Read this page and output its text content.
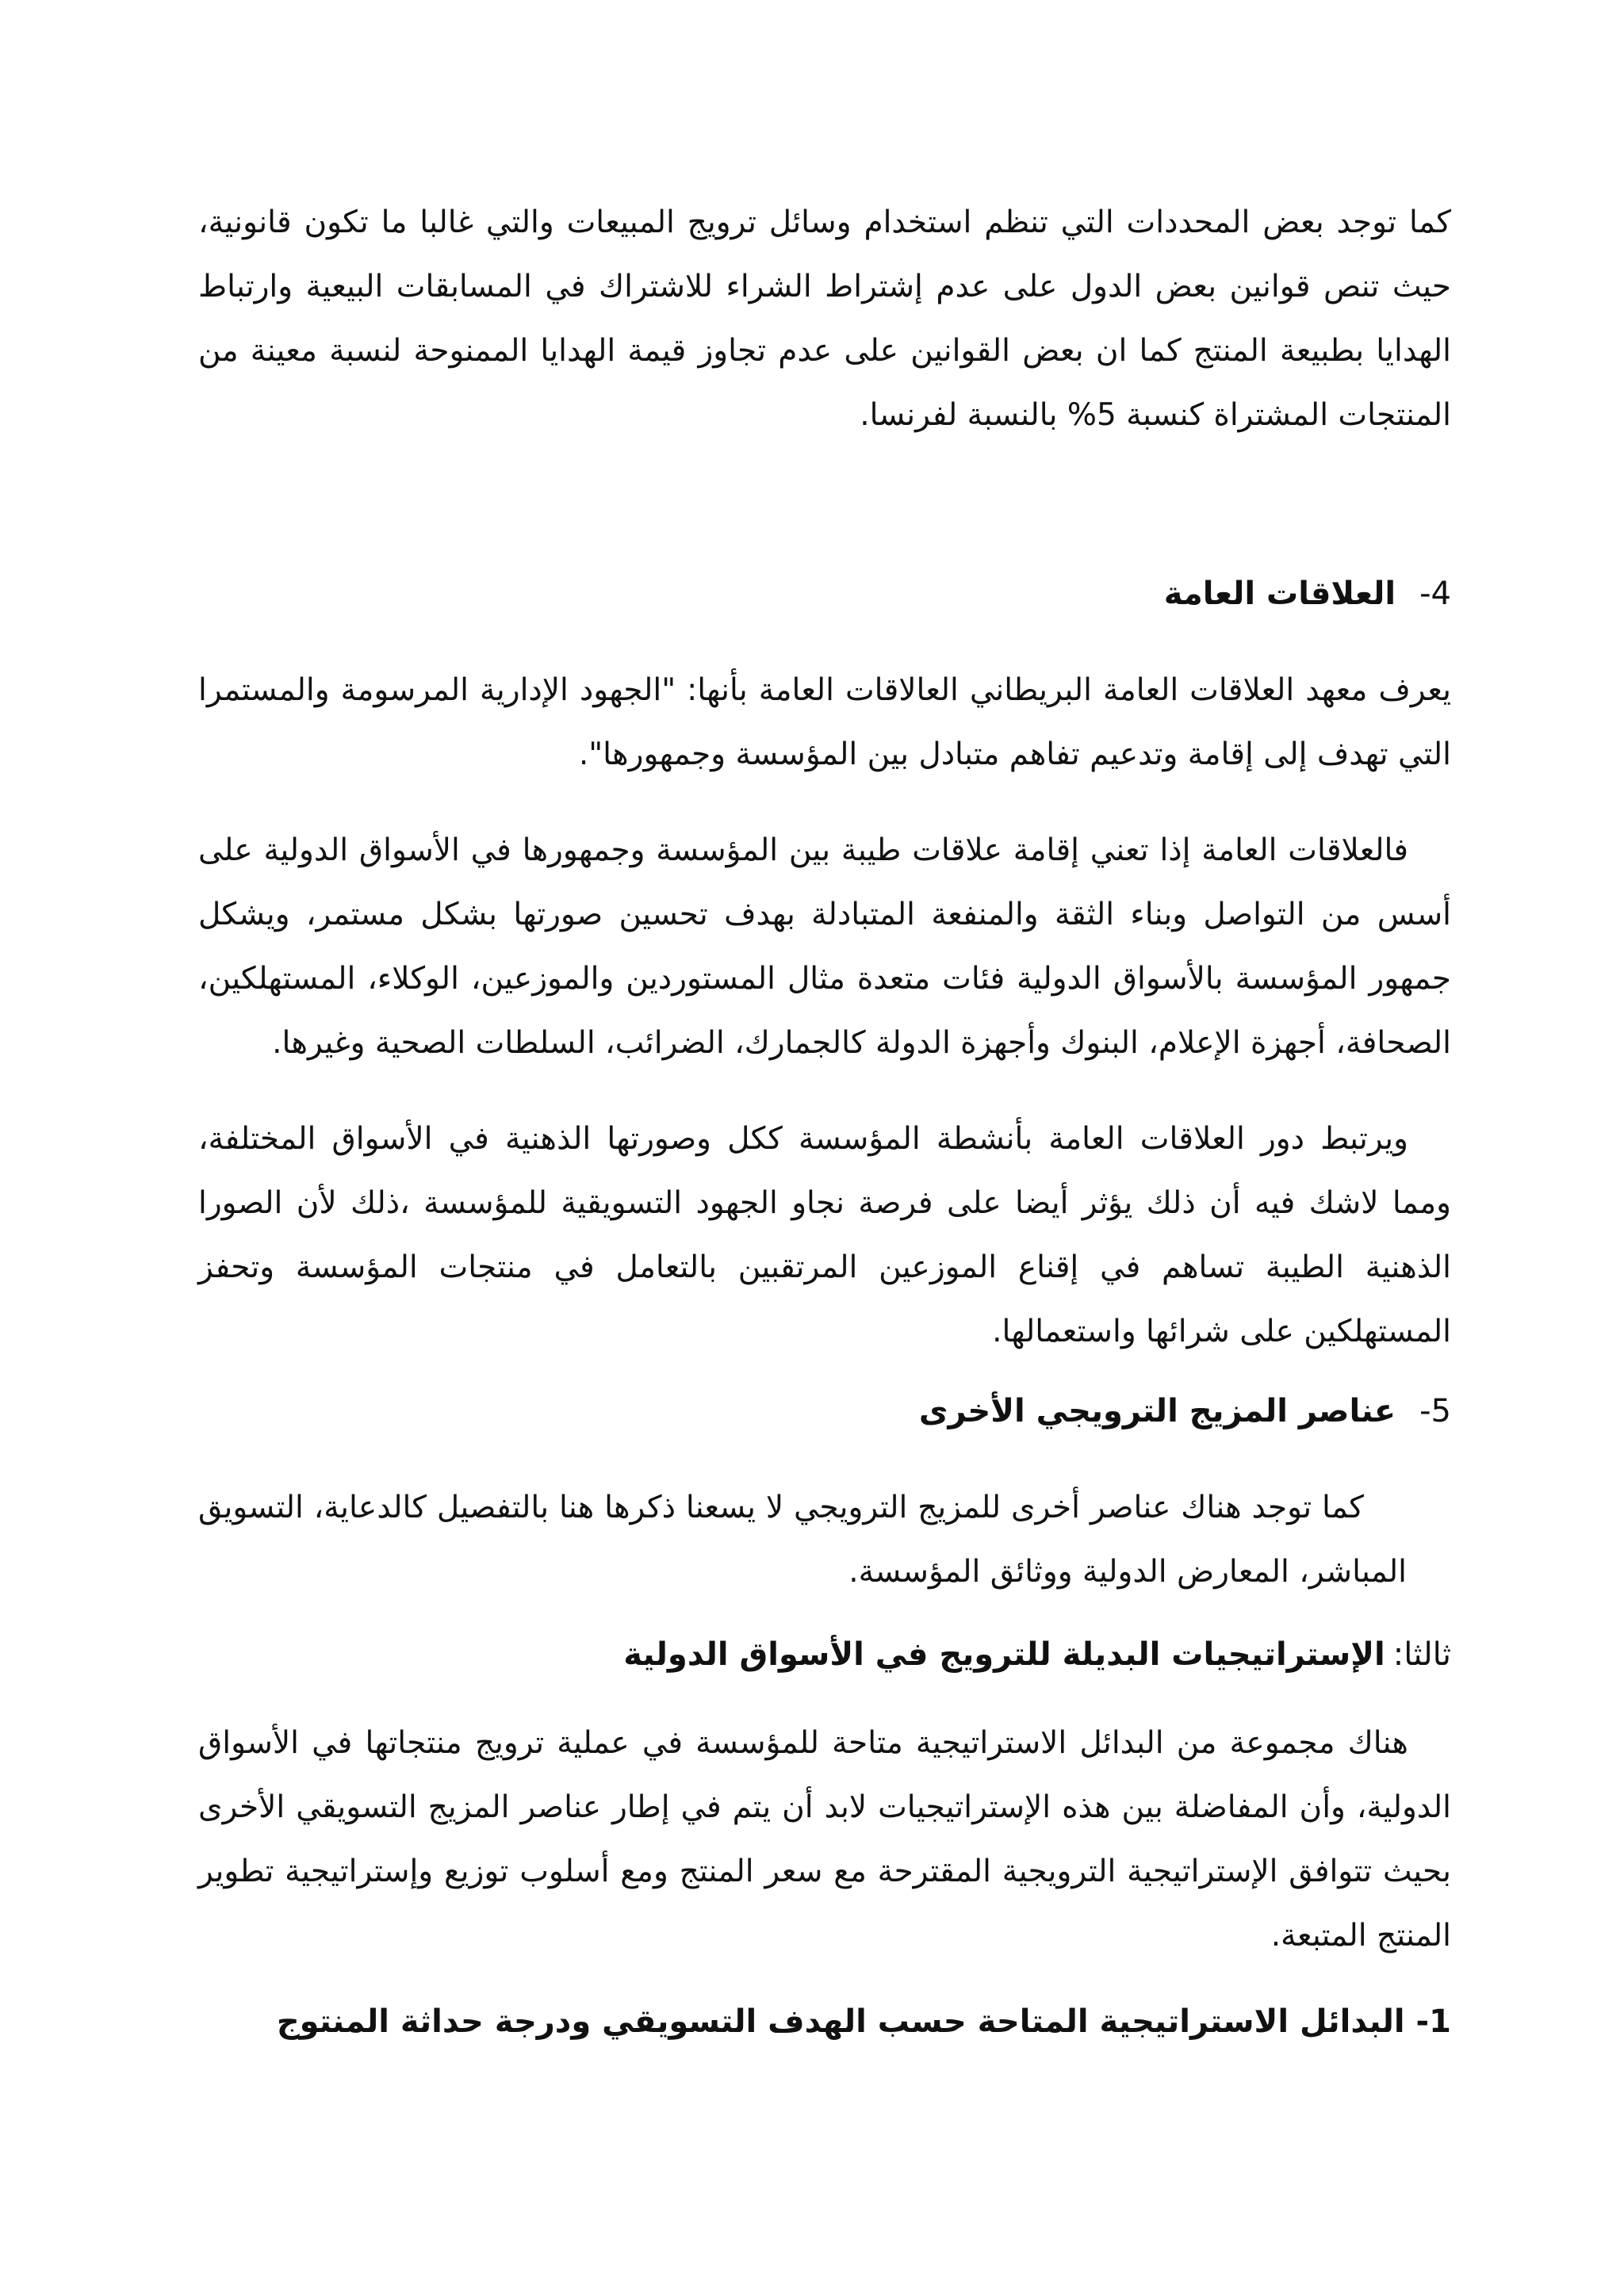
كما توجد بعض المحددات التي تنظم استخدام وسائل ترويج المبيعات والتي غالبا ما تكون قانونية، حيث تنص قوانين بعض الدول على عدم إشتراط الشراء للاشتراك في المسابقات البيعية وارتباط الهدايا بطبيعة المنتج كما ان بعض القوانين على عدم تجاوز قيمة الهدايا الممنوحة لنسبة معينة من المنتجات المشتراة كنسبة 5% بالنسبة لفرنسا.

4-العلاقات العامة

يعرف معهد العلاقات العامة البريطاني العالاقات العامة بأنها: "الجهود الإدارية المرسومة والمستمرا التي تهدف إلى إقامة وتدعيم تفاهم متبادل بين المؤسسة وجمهورها".

فالعلاقات العامة إذا تعني إقامة علاقات طيبة بين المؤسسة وجمهورها في الأسواق الدولية على أسس من التواصل وبناء الثقة والمنفعة المتبادلة بهدف تحسين صورتها بشكل مستمر، ويشكل جمهور المؤسسة بالأسواق الدولية فئات متعدة مثال المستوردين والموزعين، الوكلاء، المستهلكين، الصحافة، أجهزة الإعلام، البنوك وأجهزة الدولة كالجمارك، الضرائب، السلطات الصحية وغيرها.

ويرتبط دور العلاقات العامة بأنشطة المؤسسة ككل وصورتها الذهنية في الأسواق المختلفة، ومما لاشك فيه أن ذلك يؤثر أيضا على فرصة نجاو الجهود التسويقية للمؤسسة ،ذلك لأن الصورا الذهنية الطيبة تساهم في إقناع الموزعين المرتقبين بالتعامل في منتجات المؤسسة وتحفز المستهلكين على شرائها واستعمالها.

5-عناصر المزيج الترويجي الأخرى

كما توجد هناك عناصر أخرى للمزيج الترويجي لا يسعنا ذكرها هنا بالتفصيل كالدعاية، التسويق المباشر، المعارض الدولية ووثائق المؤسسة.

ثالثا:الإستراتيجيات البديلة للترويج في الأسواق الدولية

هناك مجموعة من البدائل الاستراتيجية متاحة للمؤسسة في عملية ترويج منتجاتها في الأسواق الدولية، وأن المفاضلة بين هذه الإستراتيجيات لابد أن يتم في إطار عناصر المزيج التسويقي الأخرى بحيث تتوافق الإستراتيجية الترويجية المقترحة مع سعر المنتج ومع أسلوب توزيع وإستراتيجية تطوير المنتج المتبعة.

1-البدائل الاستراتيجية المتاحة حسب الهدف التسويقي ودرجة حداثة المنتوج
